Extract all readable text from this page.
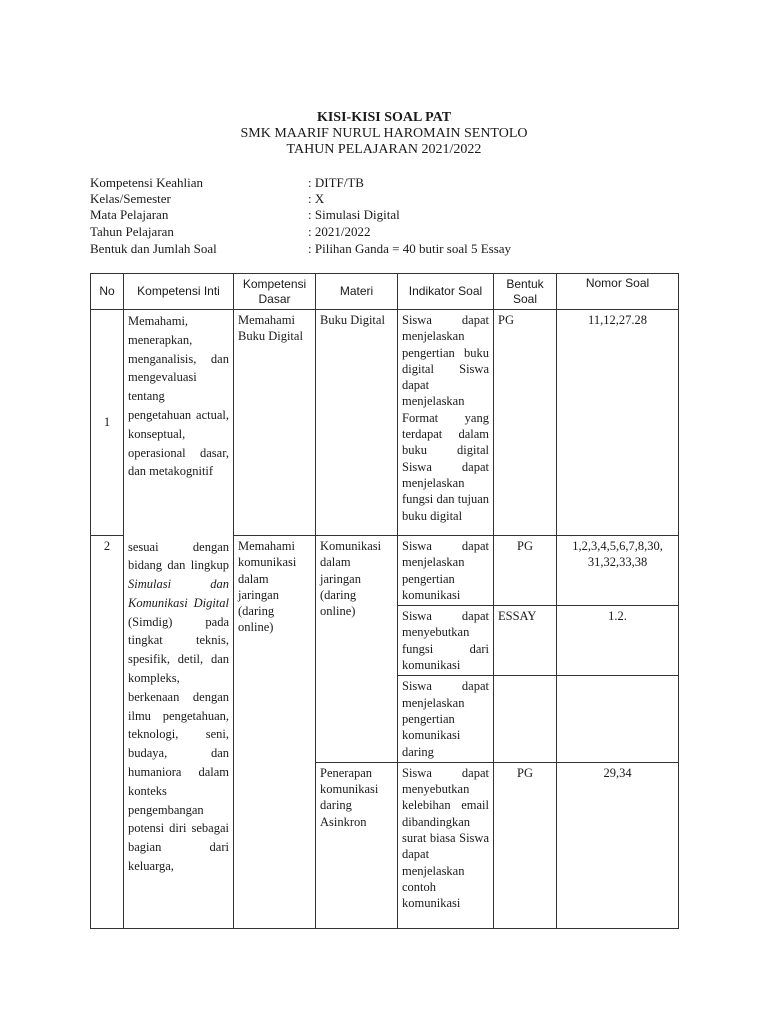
KISI-KISI SOAL PAT
SMK MAARIF NURUL HAROMAIN SENTOLO
TAHUN PELAJARAN 2021/2022
Kompetensi Keahlian	: DITF/TB
Kelas/Semester	: X
Mata Pelajaran	: Simulasi Digital
Tahun Pelajaran	: 2021/2022
Bentuk dan Jumlah Soal	: Pilihan Ganda = 40 butir soal 5 Essay
No	Kompetensi Inti	Kompetensi Dasar	Materi	Indikator Soal	Bentuk Soal	Nomor Soal
1	Memahami, menerapkan, menganalisis, dan mengevaluasi tentang pengetahuan actual, konseptual, operasional dasar, dan metakognitif	Memahami Buku Digital	Buku Digital	Siswa dapat menjelaskan pengertian buku digital Siswa dapat menjelaskan Format yang terdapat dalam buku digital Siswa dapat menjelaskan fungsi dan tujuan buku digital	PG	11,12,27.28
2	sesuai dengan bidang dan lingkup Simulasi dan Komunikasi Digital (Simdig) pada tingkat teknis, spesifik, detil, dan kompleks, berkenaan dengan ilmu pengetahuan, teknologi, seni, budaya, dan humaniora dalam konteks pengembangan potensi diri sebagai bagian dari keluarga,	Memahami komunikasi dalam jaringan (daring online)	Komunikasi dalam jaringan (daring online)	Siswa dapat menjelaskan pengertian komunikasi	PG	1,2,3,4,5,6,7,8,30, 31,32,33,38
				Siswa dapat menyebutkan fungsi dari komunikasi	ESSAY	1.2.
				Siswa dapat menjelaskan pengertian komunikasi daring		
			Penerapan komunikasi daring Asinkron	Siswa dapat menyebutkan kelebihan email dibandingkan surat biasa Siswa dapat menjelaskan contoh komunikasi	PG	29,34
